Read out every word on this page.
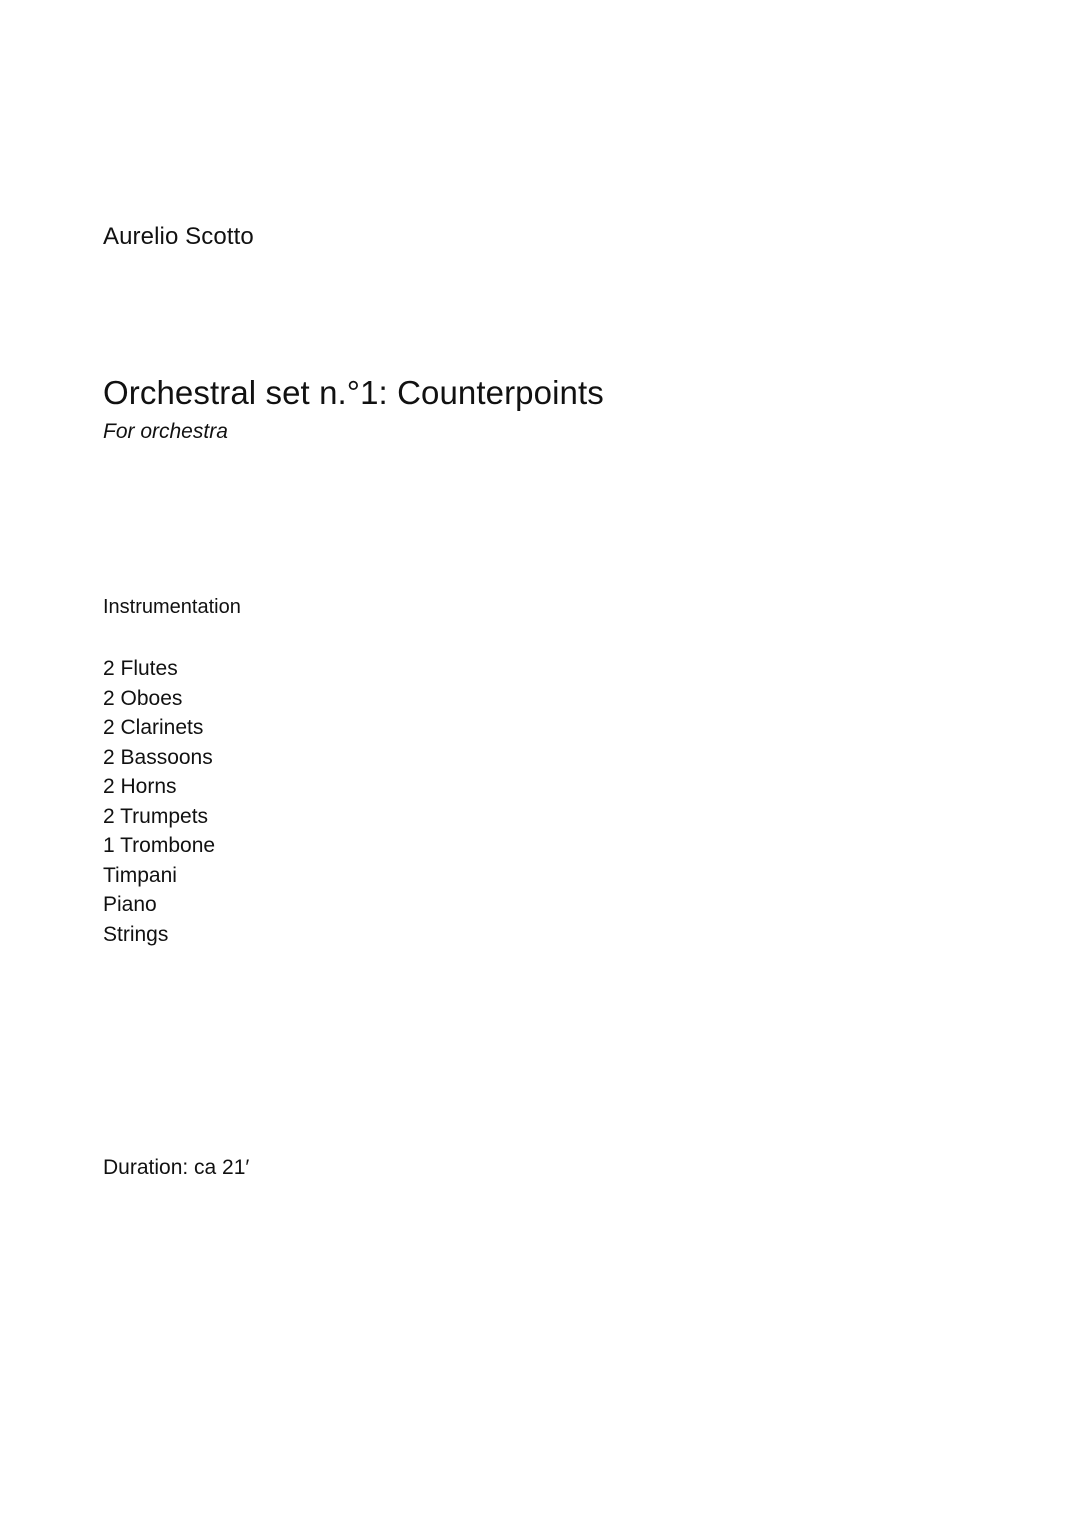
Aurelio Scotto

Orchestral set n.°1: Counterpoints

For orchestra

Instrumentation
2 Flutes
2 Oboes
2 Clarinets
2 Bassoons
2 Horns
2 Trumpets
1 Trombone
Timpani
Piano
Strings

Duration: ca 21′
